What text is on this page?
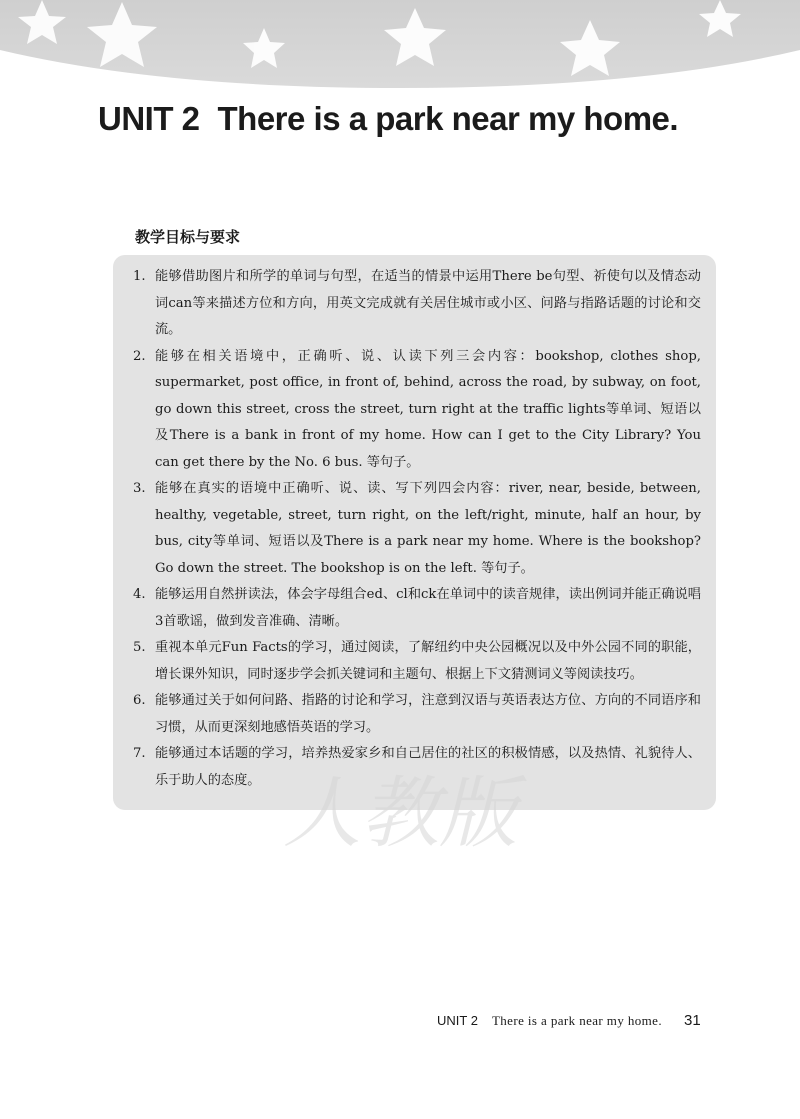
UNIT 2 There is a park near my home.
教学目标与要求
人教版
1. 能够借助图片和所学的单词与句型，在适当的情景中运用There be句型、祈使句以及情态动词can等来描述方位和方向，用英文完成就有关居住城市或小区、问路与指路话题的讨论和交流。
2. 能够在相关语境中，正确听、说、认读下列三会内容：bookshop, clothes shop, supermarket, post office, in front of, behind, across the road, by subway, on foot, go down this street, cross the street, turn right at the traffic lights等单词、短语以及There is a bank in front of my home. How can I get to the City Library? You can get there by the No. 6 bus. 等句子。
3. 能够在真实的语境中正确听、说、读、写下列四会内容：river, near, beside, between, healthy, vegetable, street, turn right, on the left/right, minute, half an hour, by bus, city等单词、短语以及There is a park near my home. Where is the bookshop? Go down the street. The bookshop is on the left. 等句子。
4. 能够运用自然拼读法，体会字母组合ed、cl和ck在单词中的读音规律，读出例词并能正确说唱3首歌谣，做到发音准确、清晰。
5. 重视本单元Fun Facts的学习，通过阅读，了解纽约中央公园概况以及中外公园不同的职能，增长课外知识，同时逐步学会抓关键词和主题句、根据上下文猜测词义等阅读技巧。
6. 能够通过关于如何问路、指路的讨论和学习，注意到汉语与英语表达方位、方向的不同语序和习惯，从而更深刻地感悟英语的学习。
7. 能够通过本话题的学习，培养热爱家乡和自己居住的社区的积极情感，以及热情、礼貌待人、乐于助人的态度。
UNIT 2 There is a park near my home. 31
